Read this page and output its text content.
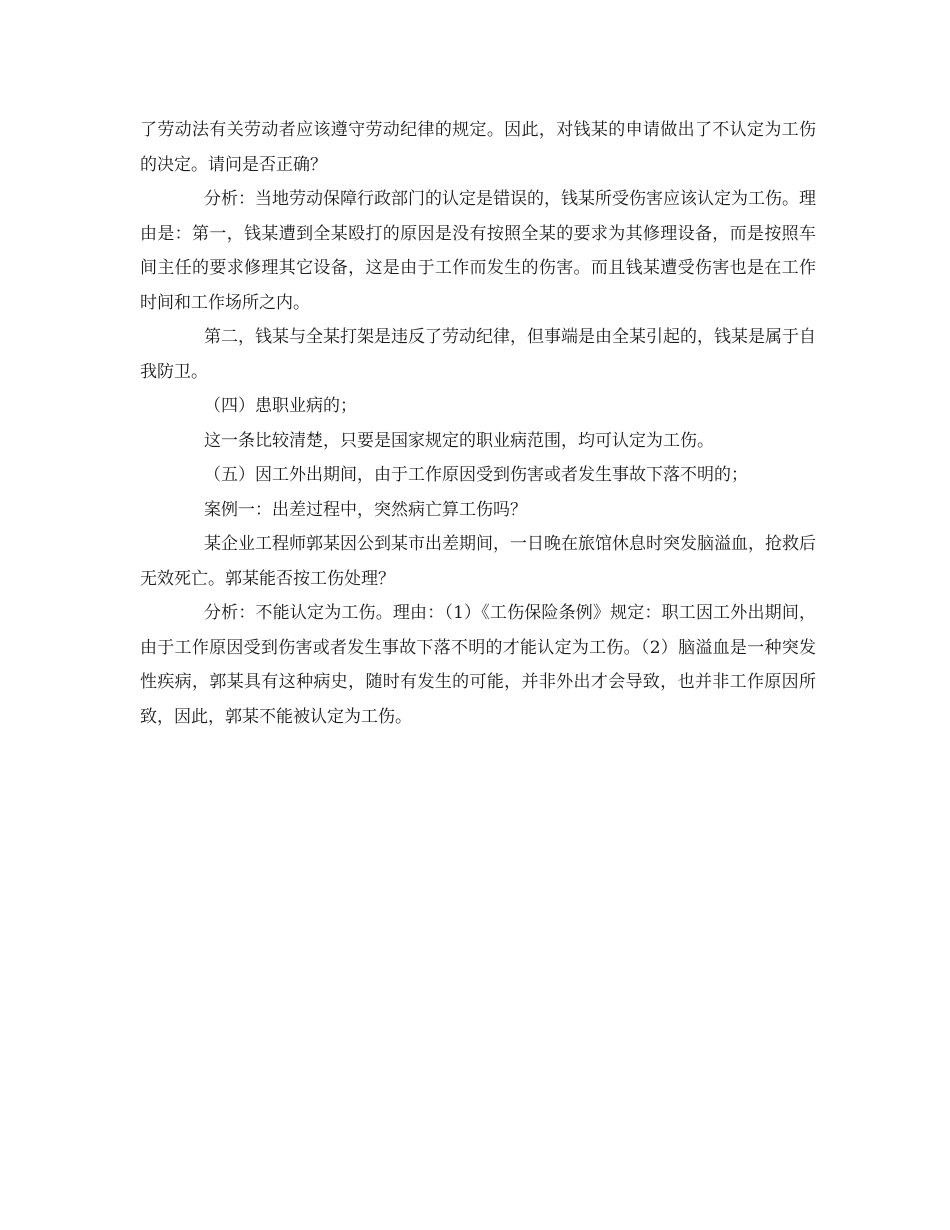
了劳动法有关劳动者应该遵守劳动纪律的规定。因此，对钱某的申请做出了不认定为工伤的决定。请问是否正确？

分析：当地劳动保障行政部门的认定是错误的，钱某所受伤害应该认定为工伤。理由是：第一，钱某遭到全某殴打的原因是没有按照全某的要求为其修理设备，而是按照车间主任的要求修理其它设备，这是由于工作而发生的伤害。而且钱某遭受伤害也是在工作时间和工作场所之内。

第二，钱某与全某打架是违反了劳动纪律，但事端是由全某引起的，钱某是属于自我防卫。

（四）患职业病的；

这一条比较清楚，只要是国家规定的职业病范围，均可认定为工伤。

（五）因工外出期间，由于工作原因受到伤害或者发生事故下落不明的；

案例一：出差过程中，突然病亡算工伤吗？

某企业工程师郭某因公到某市出差期间，一日晚在旅馆休息时突发脑溢血，抢救后无效死亡。郭某能否按工伤处理？

分析：不能认定为工伤。理由：（1）《工伤保险条例》规定：职工因工外出期间，由于工作原因受到伤害或者发生事故下落不明的才能认定为工伤。（2）脑溢血是一种突发性疾病，郭某具有这种病史，随时有发生的可能，并非外出才会导致，也并非工作原因所致，因此，郭某不能被认定为工伤。
